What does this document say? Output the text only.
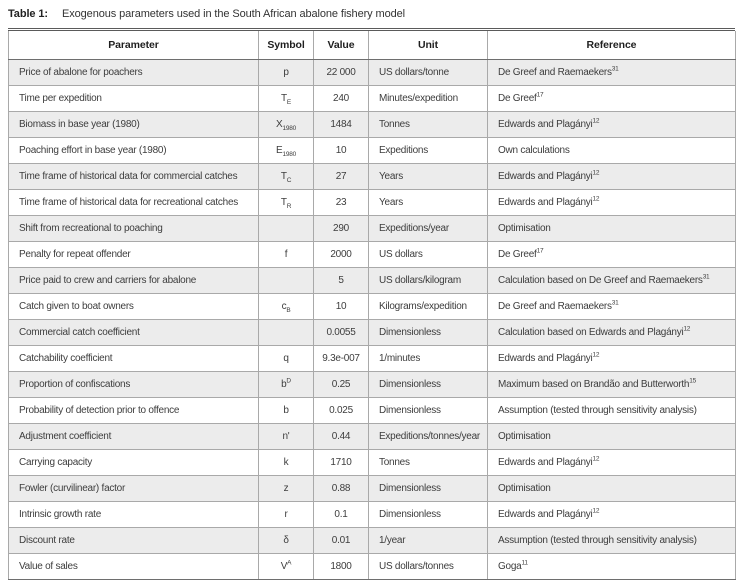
Table 1: Exogenous parameters used in the South African abalone fishery model
Parameter	Symbol	Value	Unit	Reference
Price of abalone for poachers	p	22 000	US dollars/tonne	De Greef and Raemaekers$^{31}$
Time per expedition	$T_E$	240	Minutes/expedition	De Greef$^{17}$
Biomass in base year (1980)	$X_{1980}$	1484	Tonnes	Edwards and Plagányi$^{12}$
Poaching effort in base year (1980)	$E_{1980}$	10	Expeditions	Own calculations
Time frame of historical data for commercial catches	$T_C$	27	Years	Edwards and Plagányi$^{12}$
Time frame of historical data for recreational catches	$T_R$	23	Years	Edwards and Plagányi$^{12}$
Shift from recreational to poaching		290	Expeditions/year	Optimisation
Penalty for repeat offender	f	2000	US dollars	De Greef$^{17}$
Price paid to crew and carriers for abalone		5	US dollars/kilogram	Calculation based on De Greef and Raemaekers$^{31}$
Catch given to boat owners	$c_B$	10	Kilograms/expedition	De Greef and Raemaekers$^{31}$
Commercial catch coefficient		0.0055	Dimensionless	Calculation based on Edwards and Plagányi$^{12}$
Catchability coefficient	q	9.3e-007	1/minutes	Edwards and Plagányi$^{12}$
Proportion of confiscations	$b^D$	0.25	Dimensionless	Maximum based on Brandão and Butterworth$^{15}$
Probability of detection prior to offence	b	0.025	Dimensionless	Assumption (tested through sensitivity analysis)
Adjustment coefficient	n'	0.44	Expeditions/tonnes/year	Optimisation
Carrying capacity	k	1710	Tonnes	Edwards and Plagányi$^{12}$
Fowler (curvilinear) factor	z	0.88	Dimensionless	Optimisation
Intrinsic growth rate	r	0.1	Dimensionless	Edwards and Plagányi$^{12}$
Discount rate	δ	0.01	1/year	Assumption (tested through sensitivity analysis)
Value of sales	$V^A$	1800	US dollars/tonnes	Goga$^{11}$
